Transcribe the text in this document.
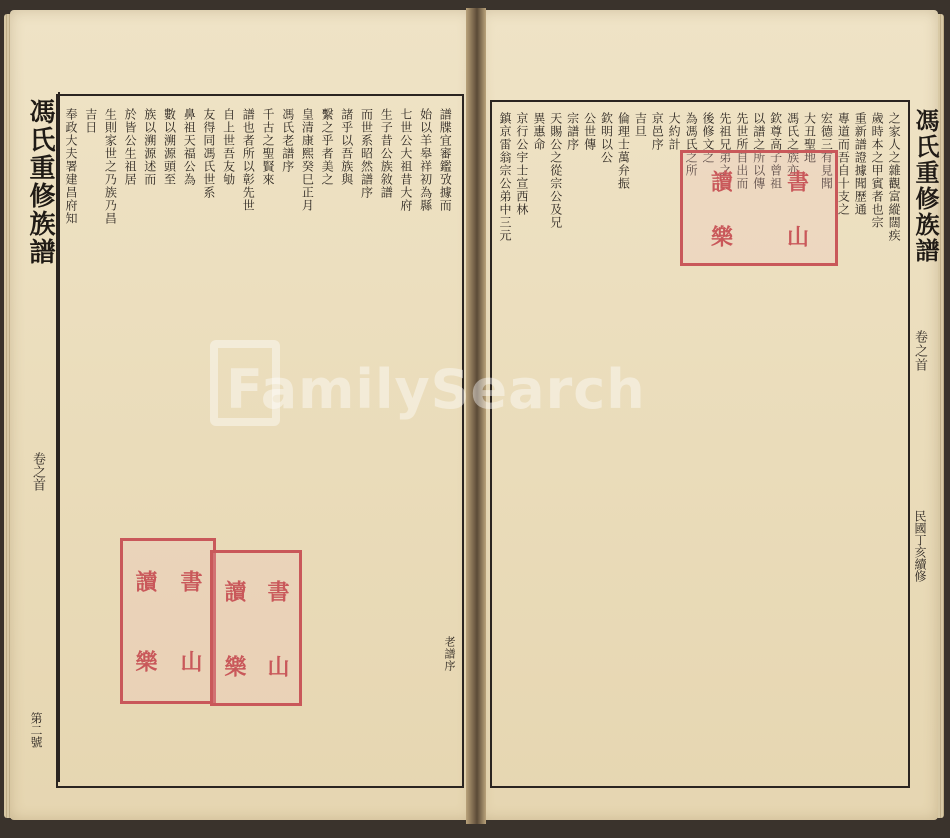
馮氏重修族譜
卷之首
第二號
老譜序
譜牒宜審鑑攷據而
始以羊皋祥初為縣
七世公大祖昔大府
生子昔公族敘譜
而世系昭然譜序
諸乎以吾族與
繫之乎者美之
皇清康熙癸巳正月
馮氏老譜序
千古之聖賢來
譜也者所以彰先世
自上世吾友劬
友得同馮氏世系
鼻祖天福公為
數以溯源頭至
族以溯源述而
於皆公生祖居
生則家世之乃族乃昌
吉日
奉政大夫署建昌府知	馮氏重修族譜
民國丁亥續修
卷之首
之家人之雜觀富縱闊疾
歲時本之甲賓者也宗
重新譜證據聞歷通
專道而吾自十支之
宏德三有見聞
大丑聖地
馮氏之族亦
欽尊高子曾祖
以譜之所以傳
先世所自出而
先祖兄弟之
後修文之
為馮氏之所
大約計
京邑序
吉旦
倫理士萬弁振
欽明以公
公世傳
宗譜序
天賜公之從宗公及兄
異惠命
京行公宇士宣西林
鎮京雷翁宗公弟中三元	讀 書
樂 山
讀 書
樂 山
讀 書
樂 山
FamilySearch
